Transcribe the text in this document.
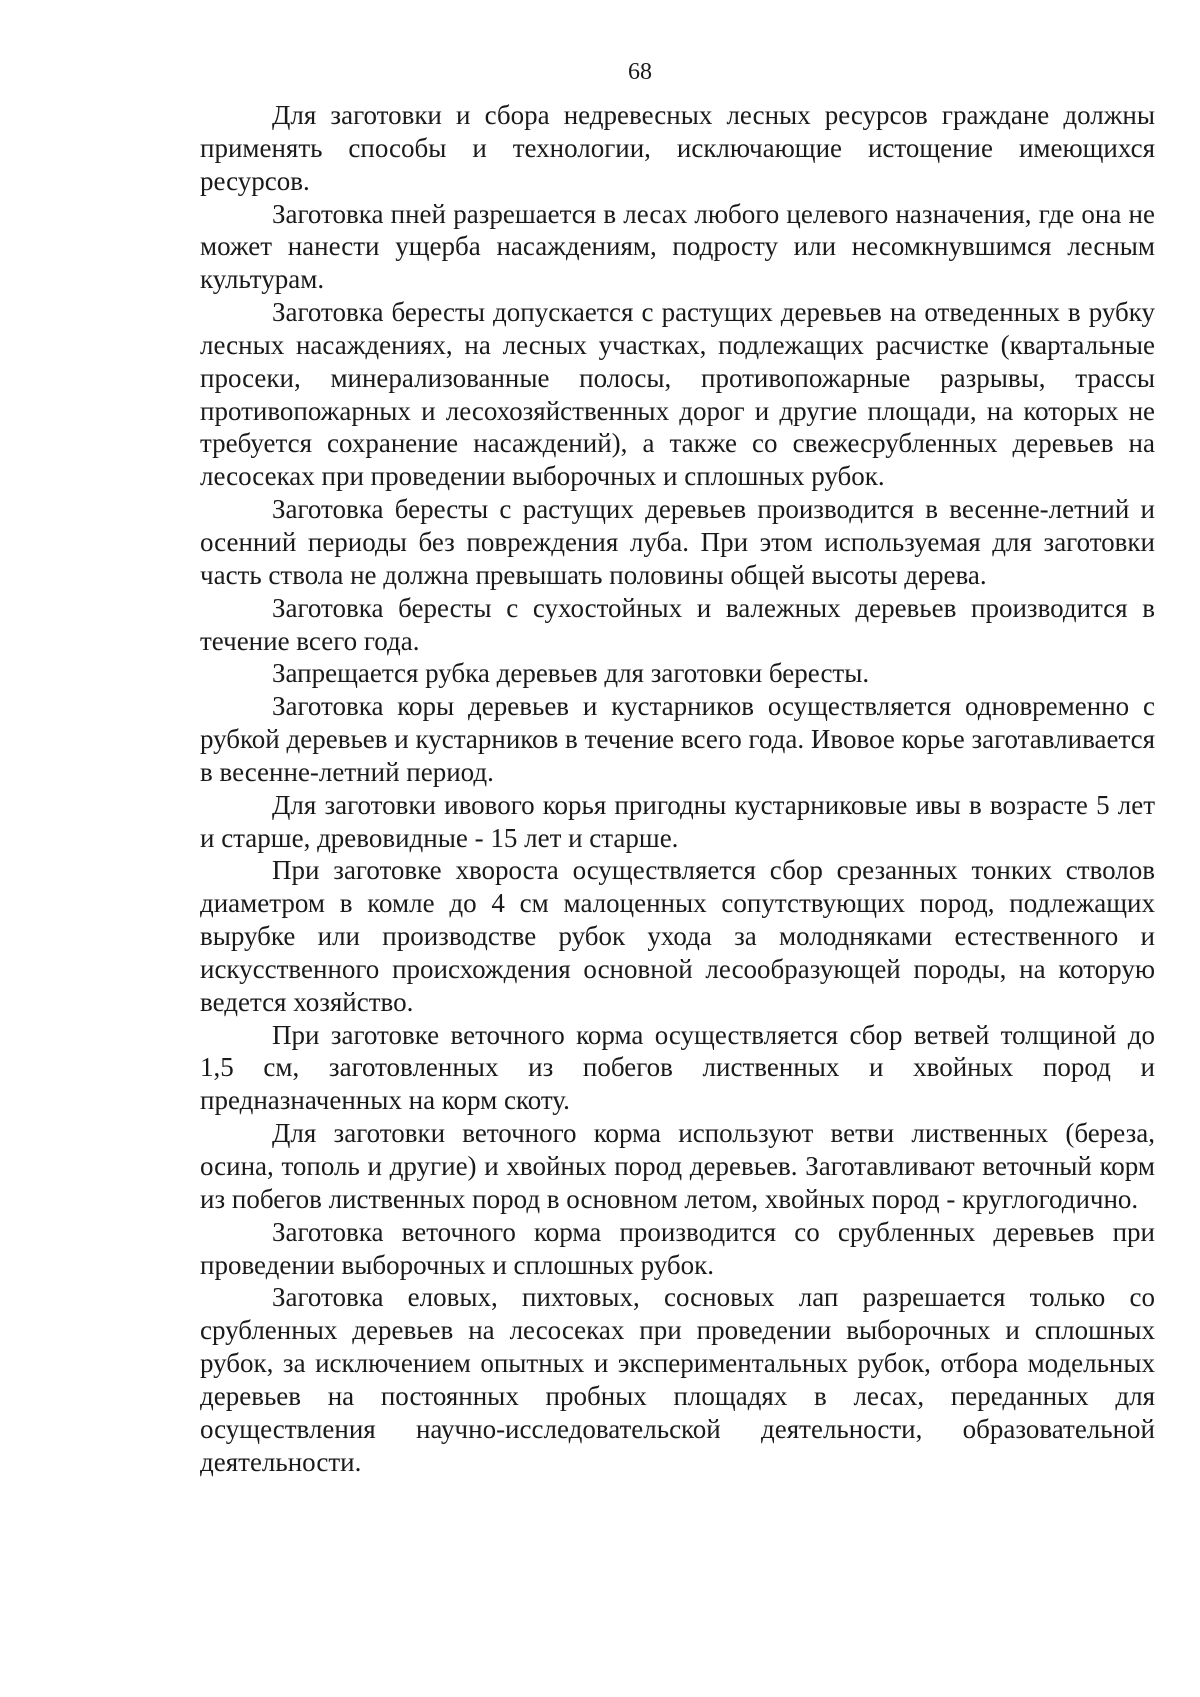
68

Для заготовки и сбора недревесных лесных ресурсов граждане должны применять способы и технологии, исключающие истощение имеющихся ресурсов.

Заготовка пней разрешается в лесах любого целевого назначения, где она не может нанести ущерба насаждениям, подросту или несомкнувшимся лесным культурам.

Заготовка бересты допускается с растущих деревьев на отведенных в рубку лесных насаждениях, на лесных участках, подлежащих расчистке (квартальные просеки, минерализованные полосы, противопожарные разрывы, трассы противопожарных и лесохозяйственных дорог и другие площади, на которых не требуется сохранение насаждений), а также со свежесрубленных деревьев на лесосеках при проведении выборочных и сплошных рубок.

Заготовка бересты с растущих деревьев производится в весенне-летний и осенний периоды без повреждения луба. При этом используемая для заготовки часть ствола не должна превышать половины общей высоты дерева.

Заготовка бересты с сухостойных и валежных деревьев производится в течение всего года.

Запрещается рубка деревьев для заготовки бересты.

Заготовка коры деревьев и кустарников осуществляется одновременно с рубкой деревьев и кустарников в течение всего года. Ивовое корье заготавливается в весенне-летний период.

Для заготовки ивового корья пригодны кустарниковые ивы в возрасте 5 лет и старше, древовидные - 15 лет и старше.

При заготовке хвороста осуществляется сбор срезанных тонких стволов диаметром в комле до 4 см малоценных сопутствующих пород, подлежащих вырубке или производстве рубок ухода за молодняками естественного и искусственного происхождения основной лесообразующей породы, на которую ведется хозяйство.

При заготовке веточного корма осуществляется сбор ветвей толщиной до 1,5 см, заготовленных из побегов лиственных и хвойных пород и предназначенных на корм скоту.

Для заготовки веточного корма используют ветви лиственных (береза, осина, тополь и другие) и хвойных пород деревьев. Заготавливают веточный корм из побегов лиственных пород в основном летом, хвойных пород - круглогодично.

Заготовка веточного корма производится со срубленных деревьев при проведении выборочных и сплошных рубок.

Заготовка еловых, пихтовых, сосновых лап разрешается только со срубленных деревьев на лесосеках при проведении выборочных и сплошных рубок, за исключением опытных и экспериментальных рубок, отбора модельных деревьев на постоянных пробных площадях в лесах, переданных для осуществления научно-исследовательской деятельности, образовательной деятельности.
